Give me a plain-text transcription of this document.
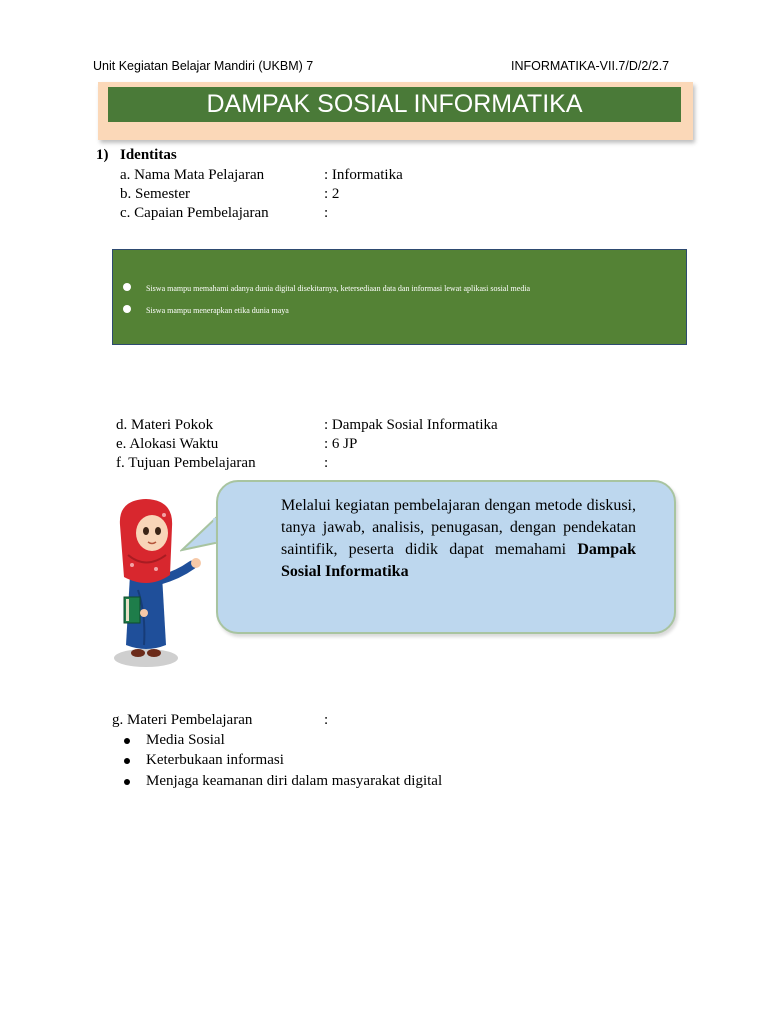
Unit Kegiatan Belajar Mandiri (UKBM) 7	INFORMATIKA-VII.7/D/2/2.7
DAMPAK SOSIAL INFORMATIKA
1) Identitas
a. Nama Mata Pelajaran	: Informatika
b. Semester	: 2
c. Capaian Pembelajaran	:
Siswa mampu memahami adanya dunia digital disekitarnya, ketersediaan data dan informasi lewat aplikasi sosial media
Siswa mampu menerapkan etika dunia maya
d. Materi Pokok	: Dampak Sosial Informatika
e. Alokasi Waktu	: 6 JP
f. Tujuan Pembelajaran	:
Melalui kegiatan pembelajaran dengan metode diskusi, tanya jawab, analisis, penugasan, dengan pendekatan saintifik, peserta didik dapat memahami Dampak Sosial Informatika
g. Materi Pembelajaran	:
Media Sosial
Keterbukaan informasi
Menjaga keamanan diri dalam masyarakat digital
